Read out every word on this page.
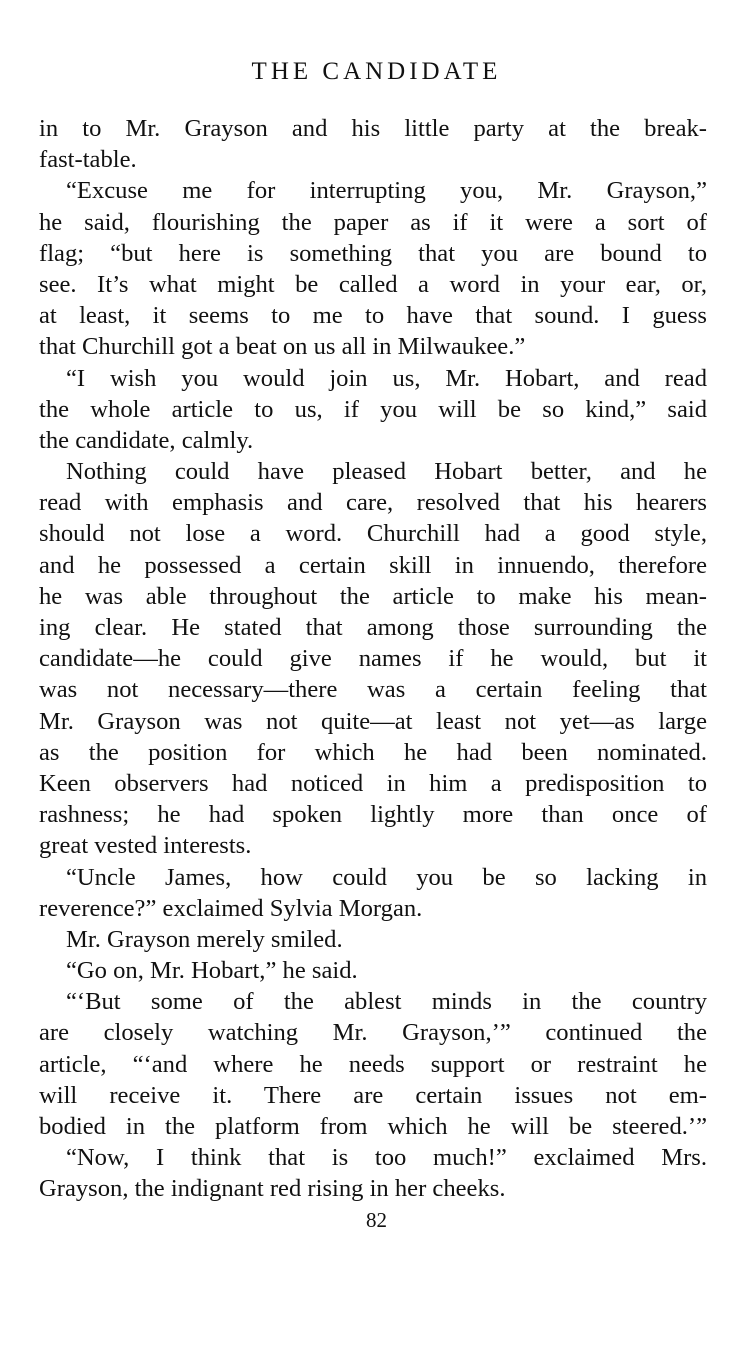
THE CANDIDATE
in to Mr. Grayson and his little party at the break-
fast-table.
“Excuse me for interrupting you, Mr. Grayson,”
he said, flourishing the paper as if it were a sort of
flag; “but here is something that you are bound to
see. It’s what might be called a word in your ear, or,
at least, it seems to me to have that sound. I guess
that Churchill got a beat on us all in Milwaukee.”
“I wish you would join us, Mr. Hobart, and read
the whole article to us, if you will be so kind,” said
the candidate, calmly.
Nothing could have pleased Hobart better, and he
read with emphasis and care, resolved that his hearers
should not lose a word. Churchill had a good style,
and he possessed a certain skill in innuendo, therefore
he was able throughout the article to make his mean-
ing clear. He stated that among those surrounding the
candidate—he could give names if he would, but it
was not necessary—there was a certain feeling that
Mr. Grayson was not quite—at least not yet—as large
as the position for which he had been nominated.
Keen observers had noticed in him a predisposition to
rashness; he had spoken lightly more than once of
great vested interests.
“Uncle James, how could you be so lacking in
reverence?” exclaimed Sylvia Morgan.
Mr. Grayson merely smiled.
“Go on, Mr. Hobart,” he said.
“‘But some of the ablest minds in the country
are closely watching Mr. Grayson,’” continued the
article, “‘and where he needs support or restraint he
will receive it. There are certain issues not em-
bodied in the platform from which he will be steered.’”
“Now, I think that is too much!” exclaimed Mrs.
Grayson, the indignant red rising in her cheeks.
82
